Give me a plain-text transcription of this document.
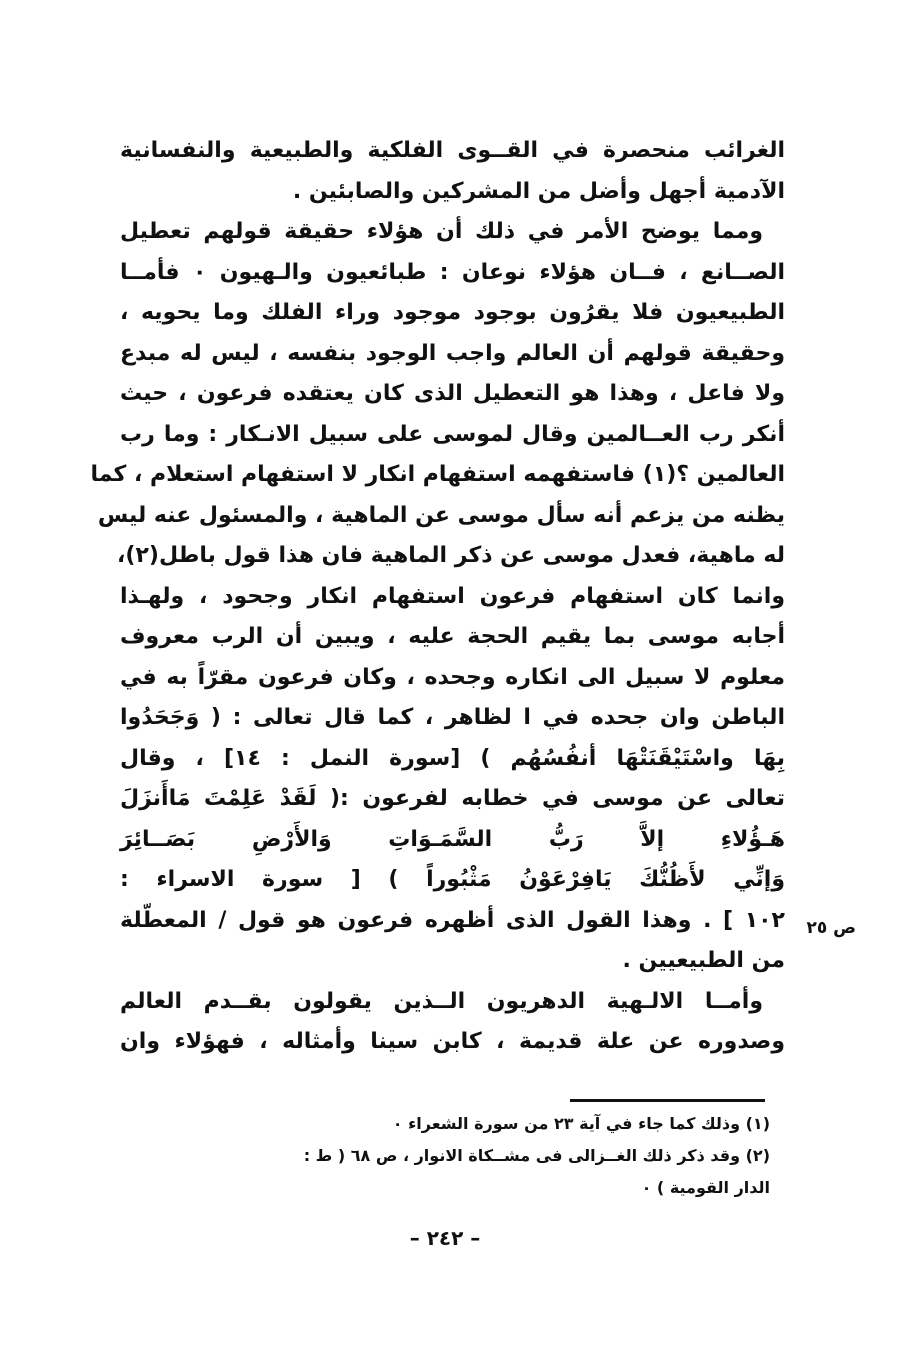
الغرائب منحصرة في القــوى الفلكية والطبيعية والنفسانية
الآدمية أجهل وأضل من المشركين والصابئين .
ومما يوضح الأمر في ذلك أن هؤلاء حقيقة قولهم تعطيل
الصــانع ، فــان هؤلاء نوعان : طبائعيون والـهيون ٠ فأمــا
الطبيعيون فلا يقرُون بوجود موجود وراء الفلك وما يحويه ،
وحقيقة قولهم أن العالم واجب الوجود بنفسه ، ليس له مبدع
ولا فاعل ، وهذا هو التعطيل الذى كان يعتقده فرعون ، حيث
أنكر رب العــالمين وقال لموسى على سبيل الانـكار : وما رب
العالمين ؟(١) فاستفهمه استفهام انكار لا استفهام استعلام ، كما
يظنه من يزعم أنه سأل موسى عن الماهية ، والمسئول عنه ليس
له ماهية، فعدل موسى عن ذكر الماهية فان هذا قول باطل(٢)،
وانما كان استفهام فرعون استفهام انكار وجحود ، ولهـذا
أجابه موسى بما يقيم الحجة عليه ، ويبين أن الرب معروف
معلوم لا سبيل الى انكاره وجحده ، وكان فرعون مقرّاً به في
الباطن وان جحده في ا لظاهر ، كما قال تعالى : ( وَجَحَدُوا
بِهَا واسْتَيْقَنَتْهَا أنفُسُهُم ) [سورة النمل : ١٤] ، وقال
تعالى عن موسى في خطابه لفرعون :( لَقَدْ عَلِمْتَ مَاأَنزَلَ
هَـؤُلاءِ إلاَّ رَبُّ السَّمَـوَاتِ وَالأَرْضِ بَصَــائِرَ
وَإنِّي لأَظُنُّكَ يَافِرْعَوْنُ مَثْبُوراً ) [ سورة الاسراء :
١٠٢ ] . وهذا القول الذى أظهره فرعون هو قول / المعطّلة
من الطبيعيين .
وأمــا الالـهية الدهريون الــذين يقولون بقــدم العالم
وصدوره عن علة قديمة ، كابن سينا وأمثاله ، فهؤلاء وان
ص ٢٥
(١) وذلك كما جاء في آية ٢٣ من سورة الشعراء ٠
(٢) وقد ذكر ذلك الغــزالى فى مشــكاة الانوار ، ص ٦٨ ( ط :
الدار القومية ) ٠
– ٢٤٢ –
